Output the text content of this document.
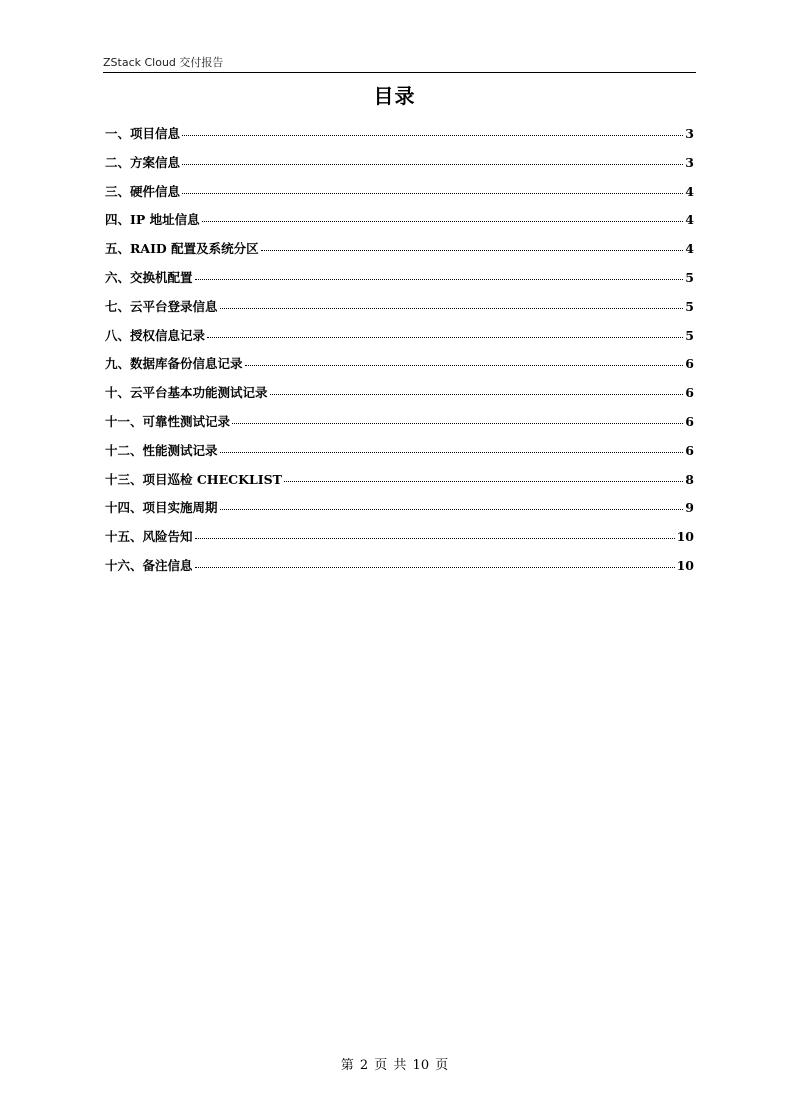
ZStack Cloud 交付报告
目录
一、项目信息	3
二、方案信息	3
三、硬件信息	4
四、IP 地址信息	4
五、RAID 配置及系统分区	4
六、交换机配置	5
七、云平台登录信息	5
八、授权信息记录	5
九、数据库备份信息记录	6
十、云平台基本功能测试记录	6
十一、可靠性测试记录	6
十二、性能测试记录	6
十三、项目巡检 CHECKLIST	8
十四、项目实施周期	9
十五、风险告知	10
十六、备注信息	10
第 2 页 共 10 页
